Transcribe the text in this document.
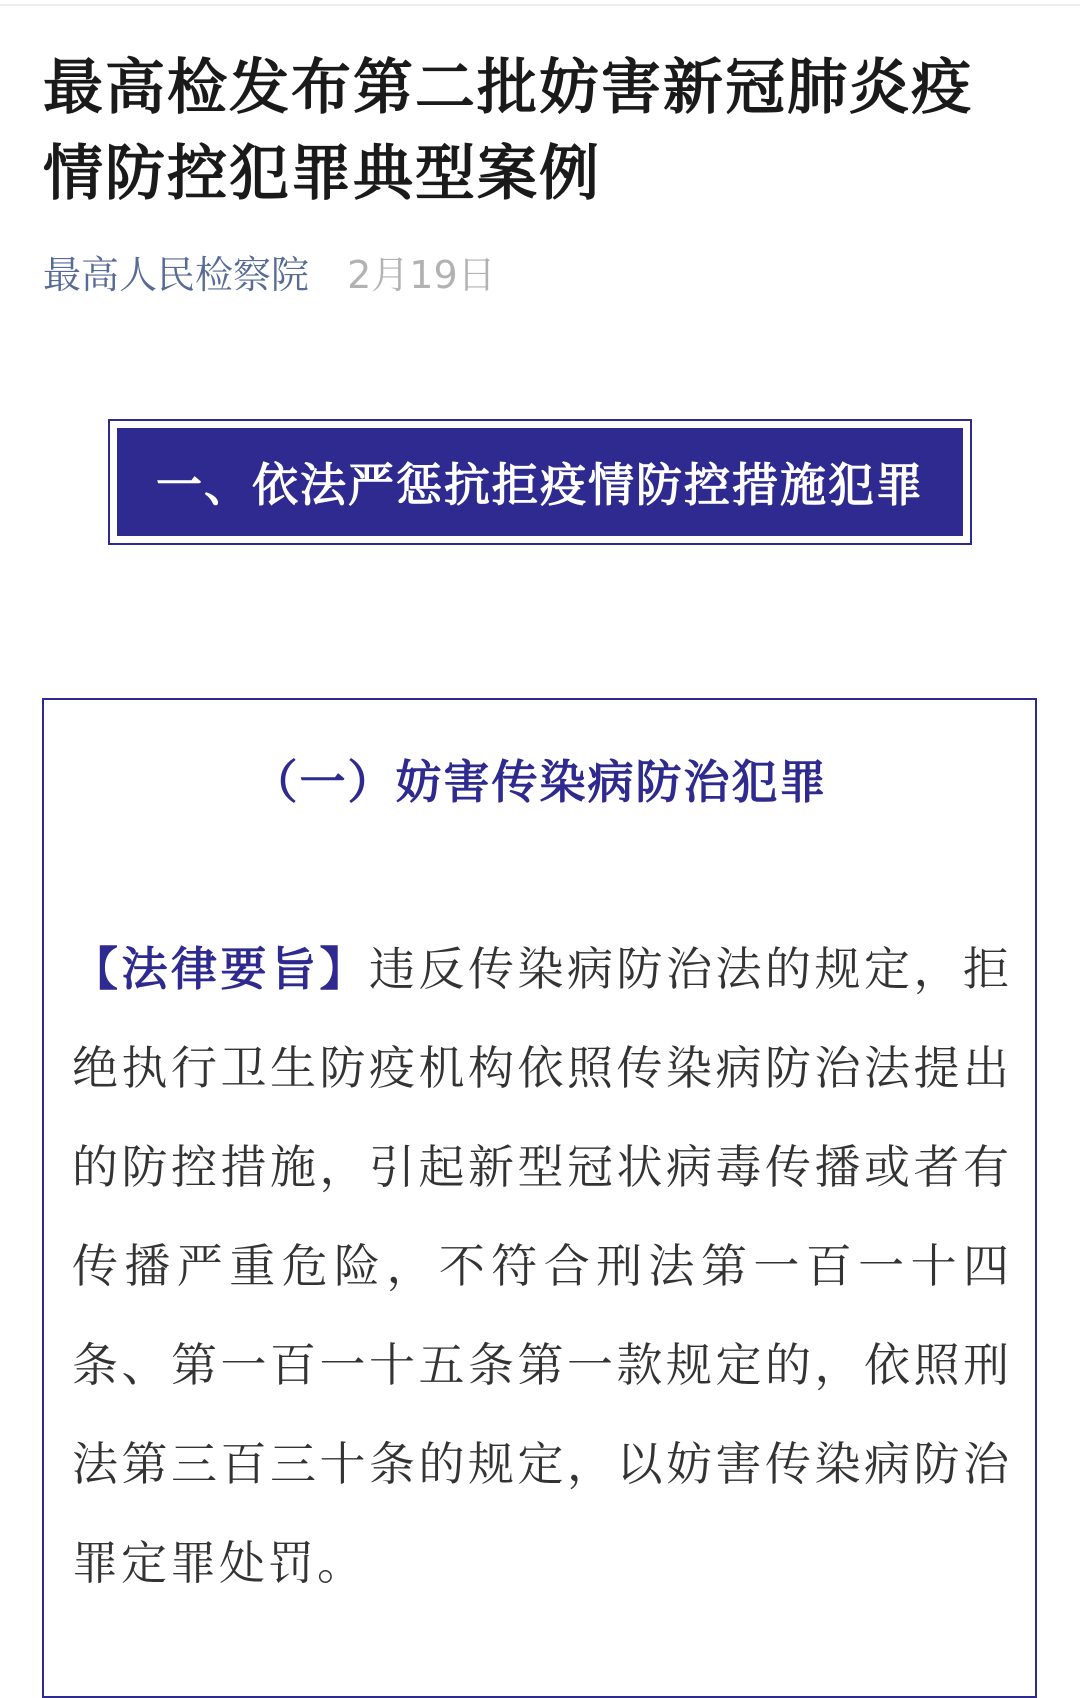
最高检发布第二批妨害新冠肺炎疫情防控犯罪典型案例
最高人民检察院 2月19日
一、依法严惩抗拒疫情防控措施犯罪
（一）妨害传染病防治犯罪

【法律要旨】违反传染病防治法的规定，拒绝执行卫生防疫机构依照传染病防治法提出的防控措施，引起新型冠状病毒传播或者有传播严重危险，不符合刑法第一百一十四条、第一百一十五条第一款规定的，依照刑法第三百三十条的规定，以妨害传染病防治罪定罪处罚。
